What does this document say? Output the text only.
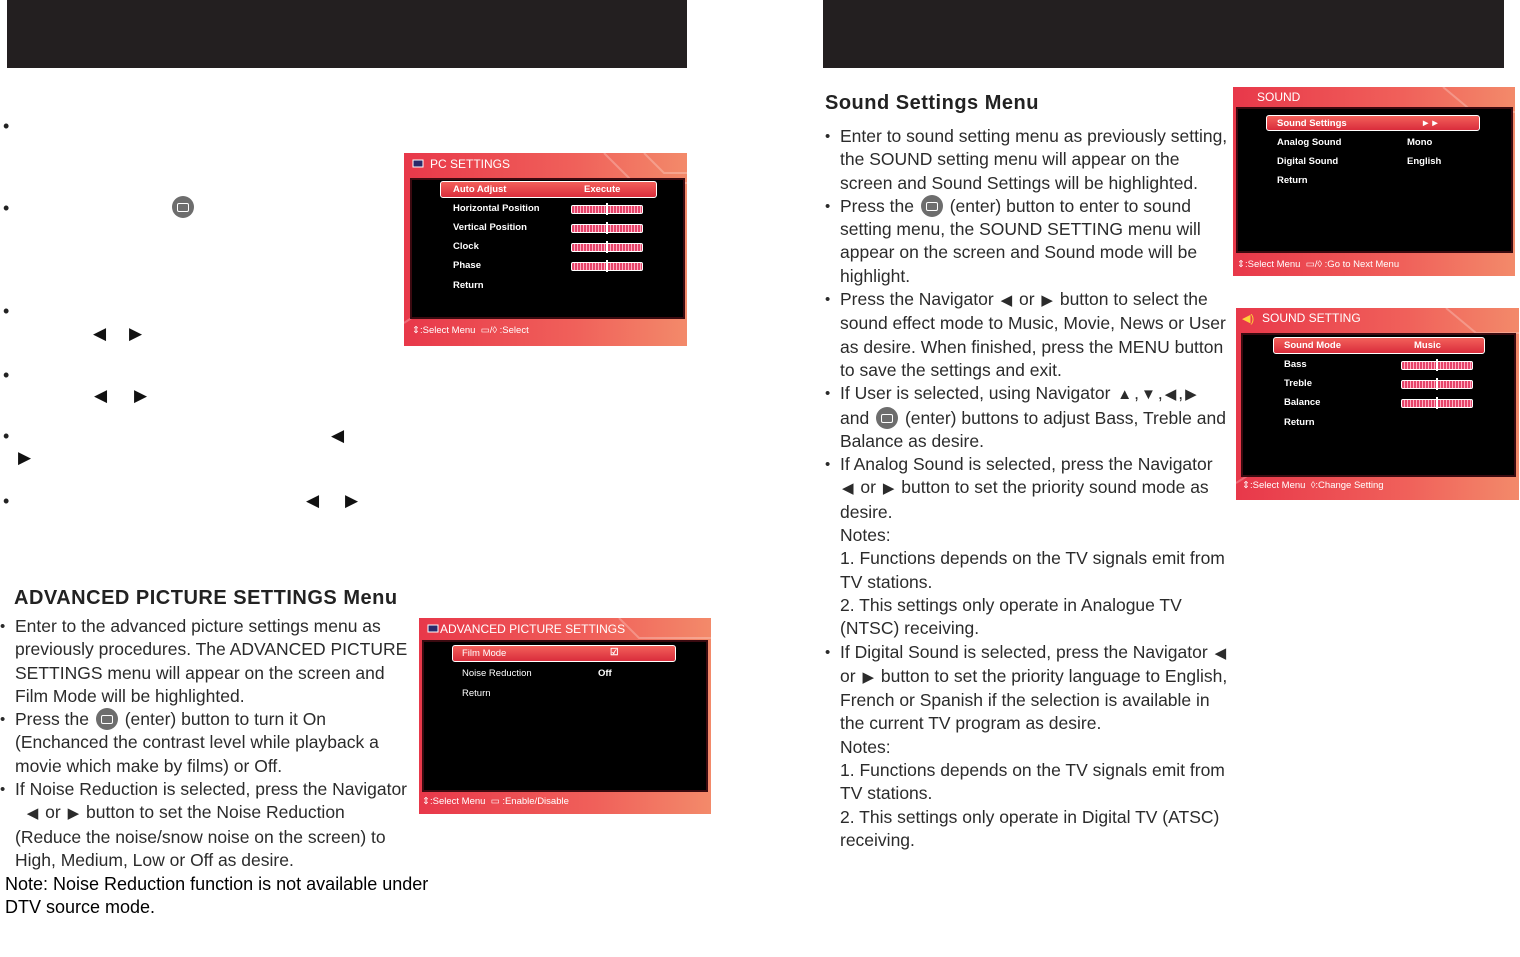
•
•
•
◀ ▶
•
◀ ▶
•	◀
▶
•	◀ ▶
PC SETTINGS
Auto Adjust	Execute
Horizontal Position
Vertical Position
Clock
Phase
Return
⇕:Select Menu ▭/◊ :Select
ADVANCED PICTURE SETTINGS Menu
• Enter to the advanced picture settings menu as previously procedures. The ADVANCED PICTURE SETTINGS menu will appear on the screen and Film Mode will be highlighted.
• Press the (enter) button to turn it On (Enchanced the contrast level while playback a movie which make by films) or Off.
• If Noise Reduction is selected, press the Navigator
◀ or ▶ button to set the Noise Reduction (Reduce the noise/snow noise on the screen) to High, Medium, Low or Off as desire.

Note: Noise Reduction function is not available under DTV source mode.

ADVANCED PICTURE SETTINGS
Film Mode	☑
Noise Reduction	Off
Return
⇕:Select Menu ▭ :Enable/Disable
Sound Settings Menu
• Enter to sound setting menu as previously setting, the SOUND setting menu will appear on the screen and Sound Settings will be highlighted.
• Press the (enter) button to enter to sound setting menu, the SOUND SETTING menu will appear on the screen and Sound mode will be highlight.
• Press the Navigator ◀ or ▶ button to select the sound effect mode to Music, Movie, News or User as desire. When finished, press the MENU button to save the settings and exit.
• If User is selected, using Navigator ▲ , ▼ , ◀ , ▶ and (enter) buttons to adjust Bass, Treble and Balance as desire.
• If Analog Sound is selected, press the Navigator ◀ or ▶ button to set the priority sound mode as desire.
Notes:
1. Functions depends on the TV signals emit from TV stations.
2. This settings only operate in Analogue TV (NTSC) receiving.
• If Digital Sound is selected, press the Navigator ◀ or ▶ button to set the priority language to English, French or Spanish if the selection is available in the current TV program as desire.
Notes:
1. Functions depends on the TV signals emit from TV stations.
2. This settings only operate in Digital TV (ATSC) receiving.
SOUND
Sound Settings	►►
Analog Sound	Mono
Digital Sound	English
Return
⇕:Select Menu ▭/◊ :Go to Next Menu
◀) SOUND SETTING
Sound Mode	Music
Bass
Treble
Balance
Return
⇕:Select Menu  ◊:Change Setting
